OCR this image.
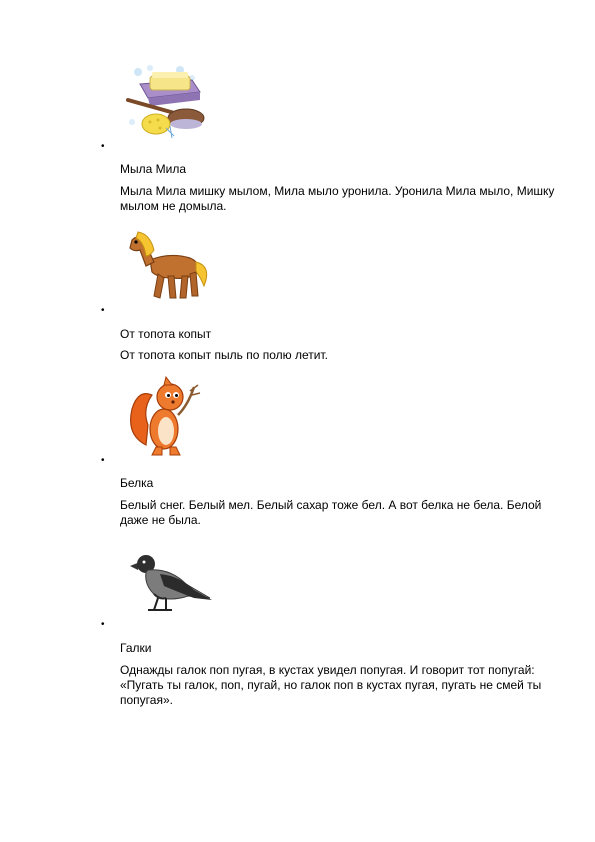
•
Мыла Мила
Мыла Мила мишку мылом, Мила мыло уронила. Уронила Мила мыло, Мишку мылом не домыла.
•
От топота копыт
От топота копыт пыль по полю летит.
•
Белка
Белый снег. Белый мел. Белый сахар тоже бел. А вот белка не бела. Белой даже не была.
•
Галки
Однажды галок поп пугая, в кустах увидел попугая. И говорит тот попугай: «Пугать ты галок, поп, пугай, но галок поп в кустах пугая, пугать не смей ты попугая».
